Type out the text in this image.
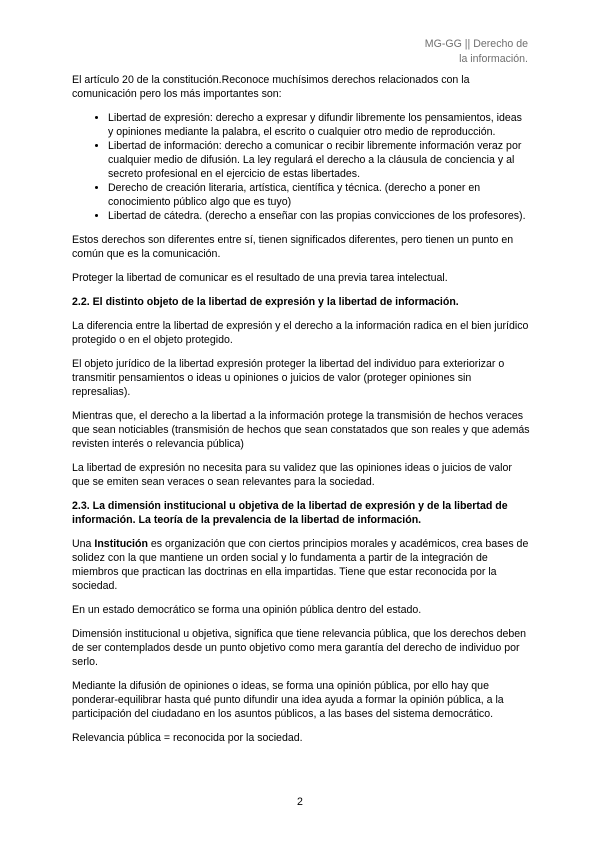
MG-GG || Derecho de
la información.

El artículo 20 de la constitución.Reconoce muchísimos derechos relacionados con la comunicación pero los más importantes son:

• Libertad de expresión: derecho a expresar y difundir libremente los pensamientos, ideas y opiniones mediante la palabra, el escrito o cualquier otro medio de reproducción.
• Libertad de información: derecho a comunicar o recibir libremente información veraz por cualquier medio de difusión. La ley regulará el derecho a la cláusula de conciencia y al secreto profesional en el ejercicio de estas libertades.
• Derecho de creación literaria, artística, científica y técnica. (derecho a poner en conocimiento público algo que es tuyo)
• Libertad de cátedra. (derecho a enseñar con las propias convicciones de los profesores).

Estos derechos son diferentes entre sí, tienen significados diferentes, pero tienen un punto en común que es la comunicación.

Proteger la libertad de comunicar es el resultado de una previa tarea intelectual.

2.2. El distinto objeto de la libertad de expresión y la libertad de información.

La diferencia entre la libertad de expresión y el derecho a la información radica en el bien jurídico protegido o en el objeto protegido.

El objeto jurídico de la libertad expresión proteger la libertad del individuo para exteriorizar o transmitir pensamientos o ideas u opiniones o juicios de valor (proteger opiniones sin represalias).

Mientras que, el derecho a la libertad a la información protege la transmisión de hechos veraces que sean noticiables (transmisión de hechos que sean constatados que son reales y que además revisten interés o relevancia pública)

La libertad de expresión no necesita para su validez que las opiniones ideas o juicios de valor que se emiten sean veraces o sean relevantes para la sociedad.

2.3. La dimensión institucional u objetiva de la libertad de expresión y de la libertad de información. La teoría de la prevalencia de la libertad de información.

Una Institución es organización que con ciertos principios morales y académicos, crea bases de solidez con la que mantiene un orden social y lo fundamenta a partir de la integración de miembros que practican las doctrinas en ella impartidas. Tiene que estar reconocida por la sociedad.

En un estado democrático se forma una opinión pública dentro del estado.

Dimensión institucional u objetiva, significa que tiene relevancia pública, que los derechos deben de ser contemplados desde un punto objetivo como mera garantía del derecho de individuo por serlo.

Mediante la difusión de opiniones o ideas, se forma una opinión pública, por ello hay que ponderar-equilibrar hasta qué punto difundir una idea ayuda a formar la opinión pública, a la participación del ciudadano en los asuntos públicos, a las bases del sistema democrático.

Relevancia pública = reconocida por la sociedad.

2
